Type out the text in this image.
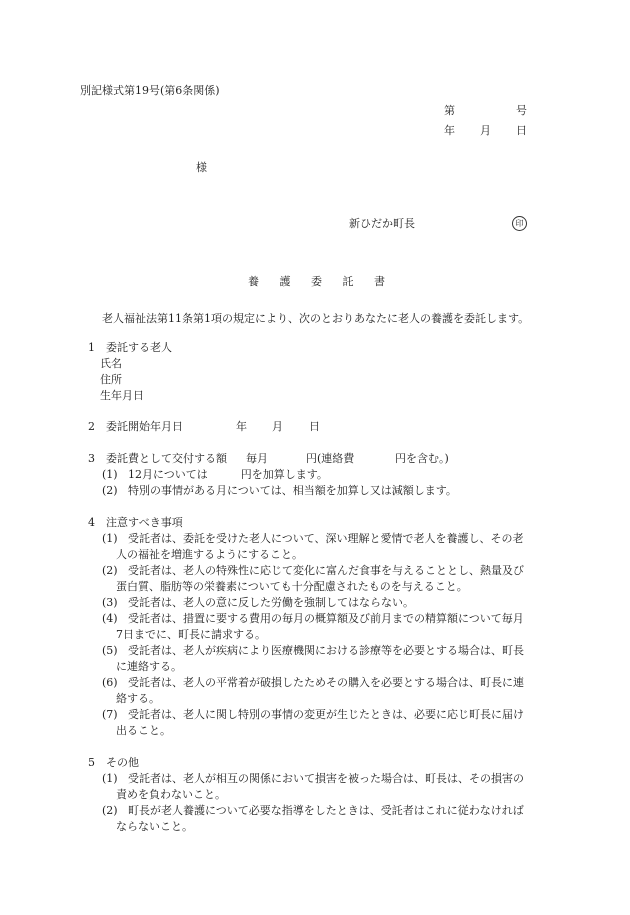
別記様式第19号(第6条関係)
第	号
年 月 日
様
新ひだか町長	印
養 護 委 託 書
老人福祉法第11条第1項の規定により、次のとおりあなたに老人の養護を委託します。
1 委託する老人
氏名
住所
生年月日
2 委託開始年月日	年 月 日
3 委託費として交付する額 毎月	円(連絡費	円を含む。)
(1) 12月については　　　円を加算します。
(2) 特別の事情がある月については、相当額を加算し又は減額します。
4 注意すべき事項
(1) 受託者は、委託を受けた老人について、深い理解と愛情で老人を養護し、その老
人の福祉を増進するようにすること。
(2) 受託者は、老人の特殊性に応じて変化に富んだ食事を与えることとし、熱量及び
蛋白質、脂肪等の栄養素についても十分配慮されたものを与えること。
(3) 受託者は、老人の意に反した労働を強制してはならない。
(4) 受託者は、措置に要する費用の毎月の概算額及び前月までの精算額について毎月
7日までに、町長に請求する。
(5) 受託者は、老人が疾病により医療機関における診療等を必要とする場合は、町長
に連絡する。
(6) 受託者は、老人の平常着が破損したためその購入を必要とする場合は、町長に連
絡する。
(7) 受託者は、老人に関し特別の事情の変更が生じたときは、必要に応じ町長に届け
出ること。
5 その他
(1) 受託者は、老人が相互の関係において損害を被った場合は、町長は、その損害の
責めを負わないこと。
(2) 町長が老人養護について必要な指導をしたときは、受託者はこれに従わなければ
ならないこと。
